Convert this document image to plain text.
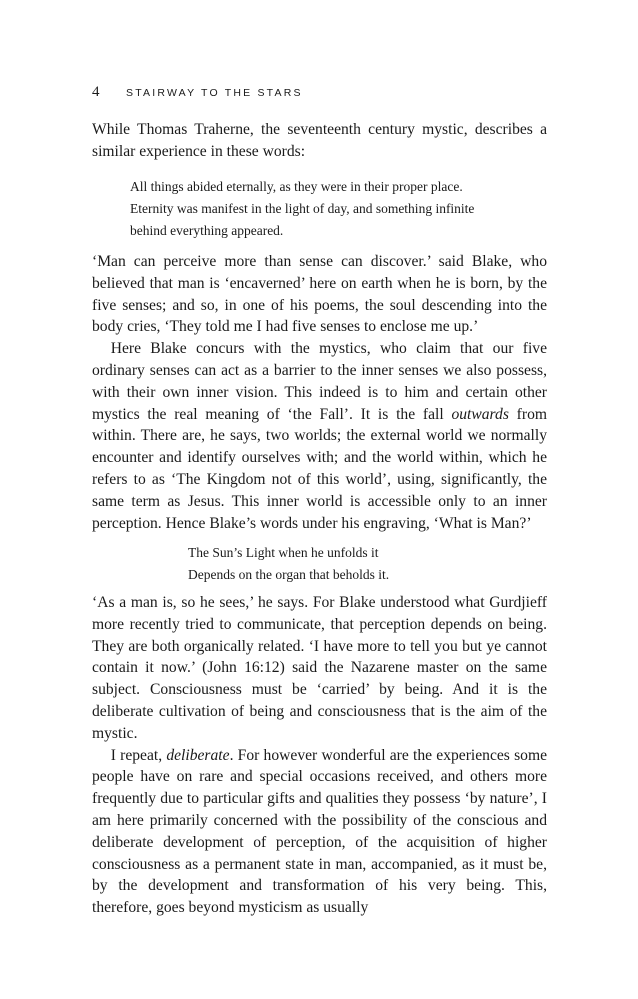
4	STAIRWAY TO THE STARS

While Thomas Traherne, the seventeenth century mystic, describes a similar experience in these words:

All things abided eternally, as they were in their proper place.
Eternity was manifest in the light of day, and something infinite
behind everything appeared.

‘Man can perceive more than sense can discover.’ said Blake, who believed that man is ‘encaverned’ here on earth when he is born, by the five senses; and so, in one of his poems, the soul descending into the body cries, ‘They told me I had five senses to enclose me up.’

Here Blake concurs with the mystics, who claim that our five ordinary senses can act as a barrier to the inner senses we also possess, with their own inner vision. This indeed is to him and certain other mystics the real meaning of ‘the Fall’. It is the fall outwards from within. There are, he says, two worlds; the external world we normally encounter and identify ourselves with; and the world within, which he refers to as ‘The Kingdom not of this world’, using, significantly, the same term as Jesus. This inner world is accessible only to an inner perception. Hence Blake’s words under his engraving, ‘What is Man?’

The Sun’s Light when he unfolds it
Depends on the organ that beholds it.

‘As a man is, so he sees,’ he says. For Blake understood what Gurdjieff more recently tried to communicate, that perception depends on being. They are both organically related. ‘I have more to tell you but ye cannot contain it now.’ (John 16:12) said the Nazarene master on the same subject. Consciousness must be ‘carried’ by being. And it is the deliberate cultivation of being and consciousness that is the aim of the mystic.

I repeat, deliberate. For however wonderful are the experiences some people have on rare and special occasions received, and others more frequently due to particular gifts and qualities they possess ‘by nature’, I am here primarily concerned with the possibility of the conscious and deliberate development of perception, of the acquisition of higher consciousness as a permanent state in man, accompanied, as it must be, by the development and transformation of his very being. This, therefore, goes beyond mysticism as usually
